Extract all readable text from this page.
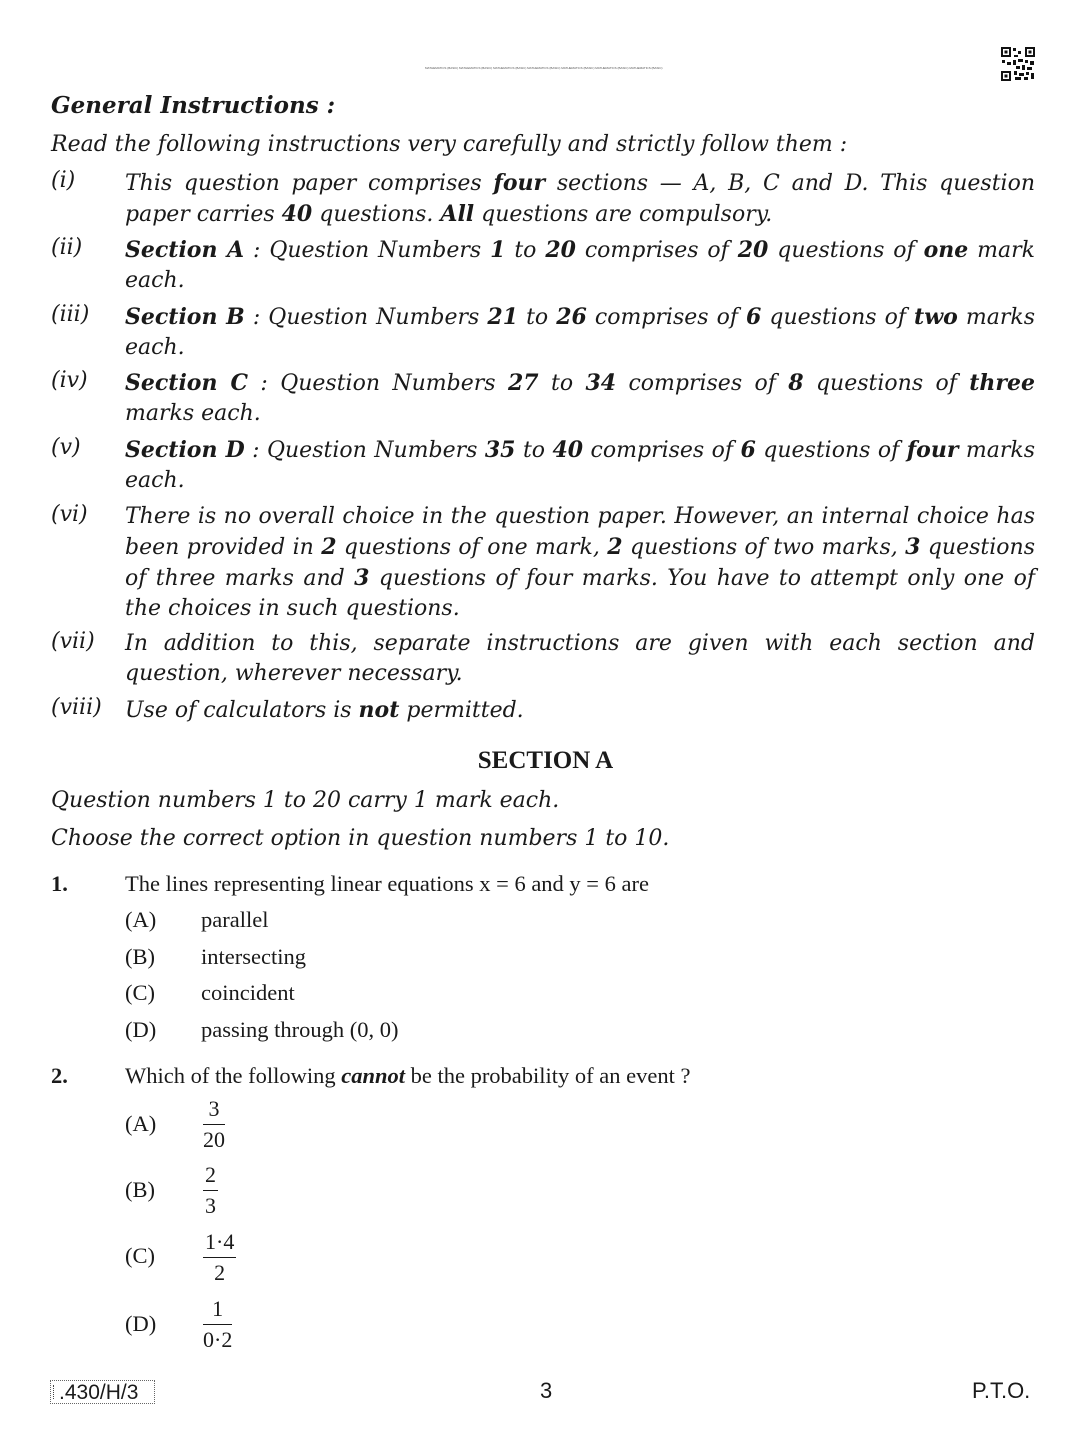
MATHEMATICS (BASIC) MATHEMATICS (BASIC) MATHEMATICS (BASIC) MATHEMATICS (BASIC) MATHEMATICS (BASIC) MATHEMATICS (BASIC) MATHEMATICS (BASIC)
General Instructions :
Read the following instructions very carefully and strictly follow them :
(i) This question paper comprises four sections — A, B, C and D. This question paper carries 40 questions. All questions are compulsory.
(ii) Section A : Question Numbers 1 to 20 comprises of 20 questions of one mark each.
(iii) Section B : Question Numbers 21 to 26 comprises of 6 questions of two marks each.
(iv) Section C : Question Numbers 27 to 34 comprises of 8 questions of three marks each.
(v) Section D : Question Numbers 35 to 40 comprises of 6 questions of four marks each.
(vi) There is no overall choice in the question paper. However, an internal choice has been provided in 2 questions of one mark, 2 questions of two marks, 3 questions of three marks and 3 questions of four marks. You have to attempt only one of the choices in such questions.
(vii) In addition to this, separate instructions are given with each section and question, wherever necessary.
(viii) Use of calculators is not permitted.
SECTION A
Question numbers 1 to 20 carry 1 mark each.
Choose the correct option in question numbers 1 to 10.
1.	The lines representing linear equations x = 6 and y = 6 are
(A) parallel
(B) intersecting
(C) coincident
(D) passing through (0, 0)
2.	Which of the following cannot be the probability of an event ?
$(A) \frac{3}{20}$
$(B) \frac{2}{3}$
$(C) \frac{1\cdot 4}{2}$
$(D) \frac{1}{0\cdot 2}$
.430/H/3	3	P.T.O.
